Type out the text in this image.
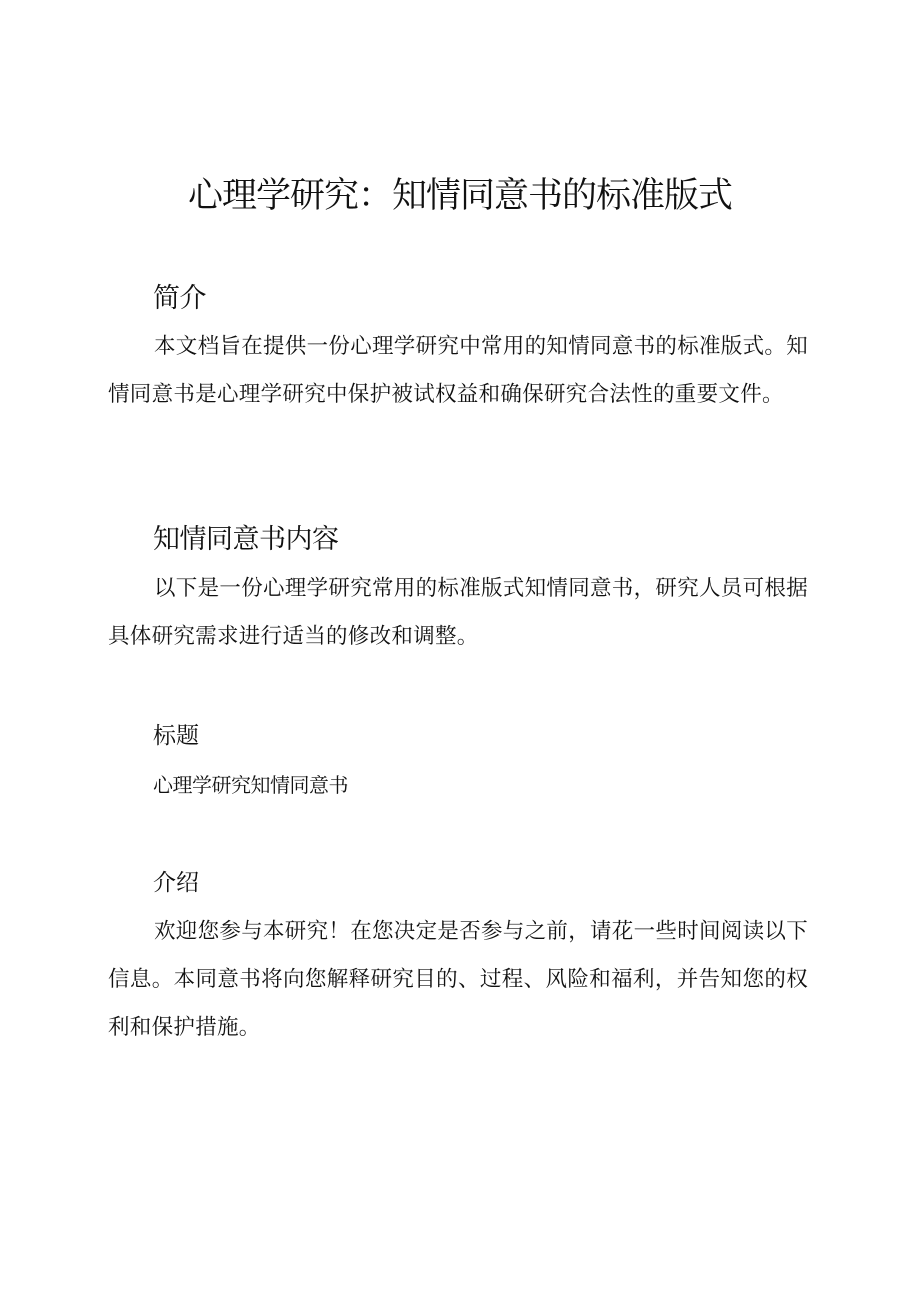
心理学研究：知情同意书的标准版式
简介

本文档旨在提供一份心理学研究中常用的知情同意书的标准版式。知情同意书是心理学研究中保护被试权益和确保研究合法性的重要文件。

知情同意书内容

以下是一份心理学研究常用的标准版式知情同意书，研究人员可根据具体研究需求进行适当的修改和调整。

标题

心理学研究知情同意书

介绍

欢迎您参与本研究！在您决定是否参与之前，请花一些时间阅读以下信息。本同意书将向您解释研究目的、过程、风险和福利，并告知您的权利和保护措施。
